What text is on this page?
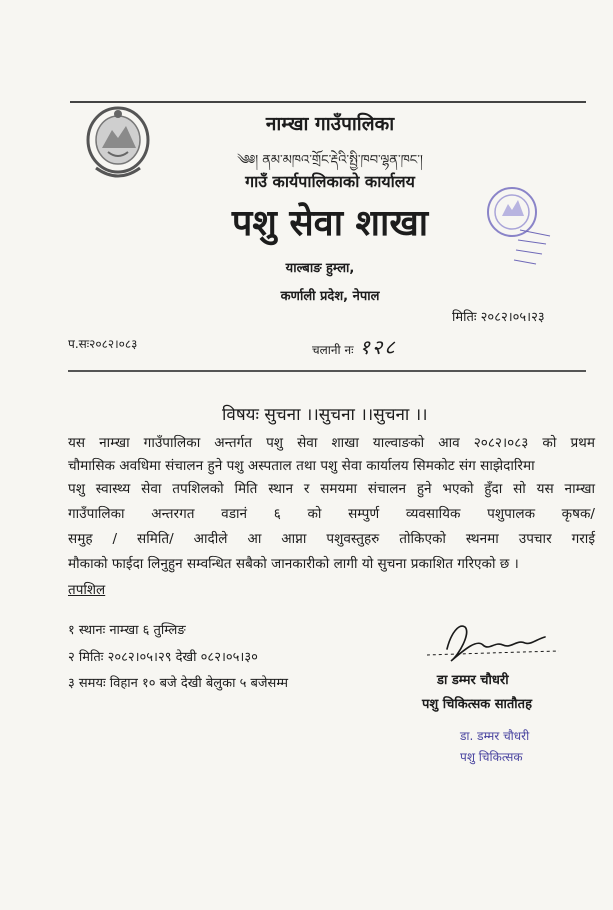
नाम्खा गाउँपालिका
༄༅། ནམ་མཁའ་གྲོང་རྡེའི་སྤྱི་ཁབ་ལྷན་ཁང་།
गाउँ कार्यपालिकाको कार्यालय
पशु सेवा शाखा
याल्बाङ हुम्ला,
कर्णाली प्रदेश, नेपाल
मितिः २०८२।०५।२३
प.सः२०८२।०८३	चलानी नः १२८
विषयः सुचना ।।सुचना ।।सुचना ।।
यस नाम्खा गाउँपालिका अन्तर्गत पशु सेवा शाखा याल्वाङको आव २०८२।०८३ को प्रथम
चौमासिक अवधिमा संचालन हुने पशु अस्पताल तथा पशु सेवा कार्यालय सिमकोट संग साझेदारिमा
पशु स्वास्थ्य सेवा तपशिलको मिति स्थान र समयमा संचालन हुने भएको हुँदा सो यस नाम्खा
गाउँपालिका अन्तरगत वडानं ६ को सम्पुर्ण व्यवसायिक पशुपालक कृषक/
समुह / समिति/ आदीले आ आप्ना पशुवस्तुहरु तोकिएको स्थनमा उपचार गराई
मौकाको फाईदा लिनुहुन सम्वन्धित सबैको जानकारीको लागी यो सुचना प्रकाशित गरिएको छ ।
तपशिल
१ स्थानः नाम्खा ६ तुम्लिङ
२ मितिः २०८२।०५।२९ देखी ०८२।०५।३०
३ समयः विहान १० बजे देखी बेलुका ५ बजेसम्म	डा डम्मर चौधरी
पशु चिकित्सक सातौतह
डा. डम्मर चौधरी
पशु चिकित्सक
